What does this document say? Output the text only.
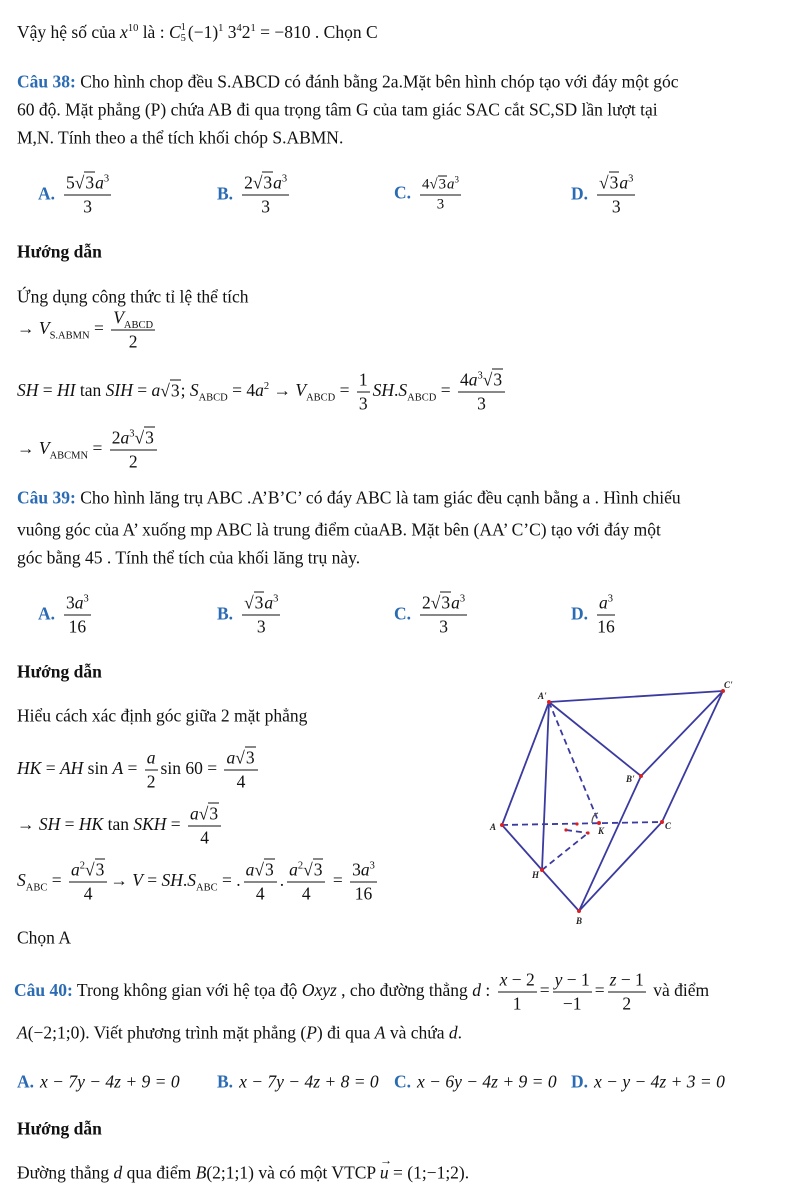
Vậy hệ số của $x^{10}$ là : C 1
5 $(-1)^1$ $3^42^1 = -810$ . Chọn C
Câu 38: Cho hình chop đều S.ABCD có đánh bằng 2a.Mặt bên hình chóp tạo với đáy một góc
60 độ. Mặt phẳng (P) chứa AB đi qua trọng tâm G của tam giác SAC cắt SC,SD lần lượt tại
M,N. Tính theo a thể tích khối chóp S.ABMN.
Hướng dẫn
Ứng dụng công thức tỉ lệ thể tích
→ $V_{S.ABMN} = \frac{V_{ABCD}}{2}$
SH = HI tan SIH = a √ 3; $S_{ABCD} = 4a^2 \to V_{ABCD} = \frac{1}{3} SH.S_{ABCD} = \frac{4a^3 √ 3}{3}$
→ $V_{ABCMN} = \frac{2a^3 √ 3}{2}$
Câu 39: Cho hình lăng trụ ABC .A’B’C’ có đáy ABC là tam giác đều cạnh bằng a . Hình chiếu
vuông góc của A’ xuống mp ABC là trung điểm củaAB. Mặt bên (AA’ C’C) tạo với đáy một
góc bằng 45 . Tính thể tích của khối lăng trụ này.
Hướng dẫn
Hiểu cách xác định góc giữa 2 mặt phẳng
HK = AH $\sin A = \frac{a}{2}$ $\sin 60 = \frac{a √ 3}{4}$
→ SH = HK tan SKH = $\frac{a √ 3}{4}$
$S_{ABC} = \frac{a^2 √ 3}{4} \to V = SH.S_{ABC}$ = . $\frac{a √ 3}{4}$ . $\frac{a^2 √ 3}{4} = \frac{3a^3}{16}$
Chọn A
Câu 40: Trong không gian với hệ tọa độ Oxyz , cho đường thẳng d : $\frac{x - 2}{1} = \frac{y - 1}{-1} = \frac{z - 1}{2}$ và điểm
A(−2;1;0). Viết phương trình mặt phẳng (P) đi qua A và chứa d.
Hướng dẫn
Đường thẳng d qua điểm B(2;1;1) và có một VTCP → u = (1;−1;2).
A. $\frac{5 √ 3a^3}{3}$	B. $\frac{2 √ 3a^3}{3}$	C. $\frac{4 √ 3a^3}{3}$	D. √ $\frac{3a^3}{3}$
A. $\frac{3a^3}{16}$	B. √ $\frac{3a^3}{3}$	C. $\frac{2 √ 3a^3}{3}$	D. $\frac{a^3}{16}$
A. x − 7y − 4z + 9 = 0 B. x − 7y − 4z + 8 = 0 C. x − 6y − 4z + 9 = 0 D. x − y − 4z + 3 = 0
A'
C'
B'
A	C
K
H
B
